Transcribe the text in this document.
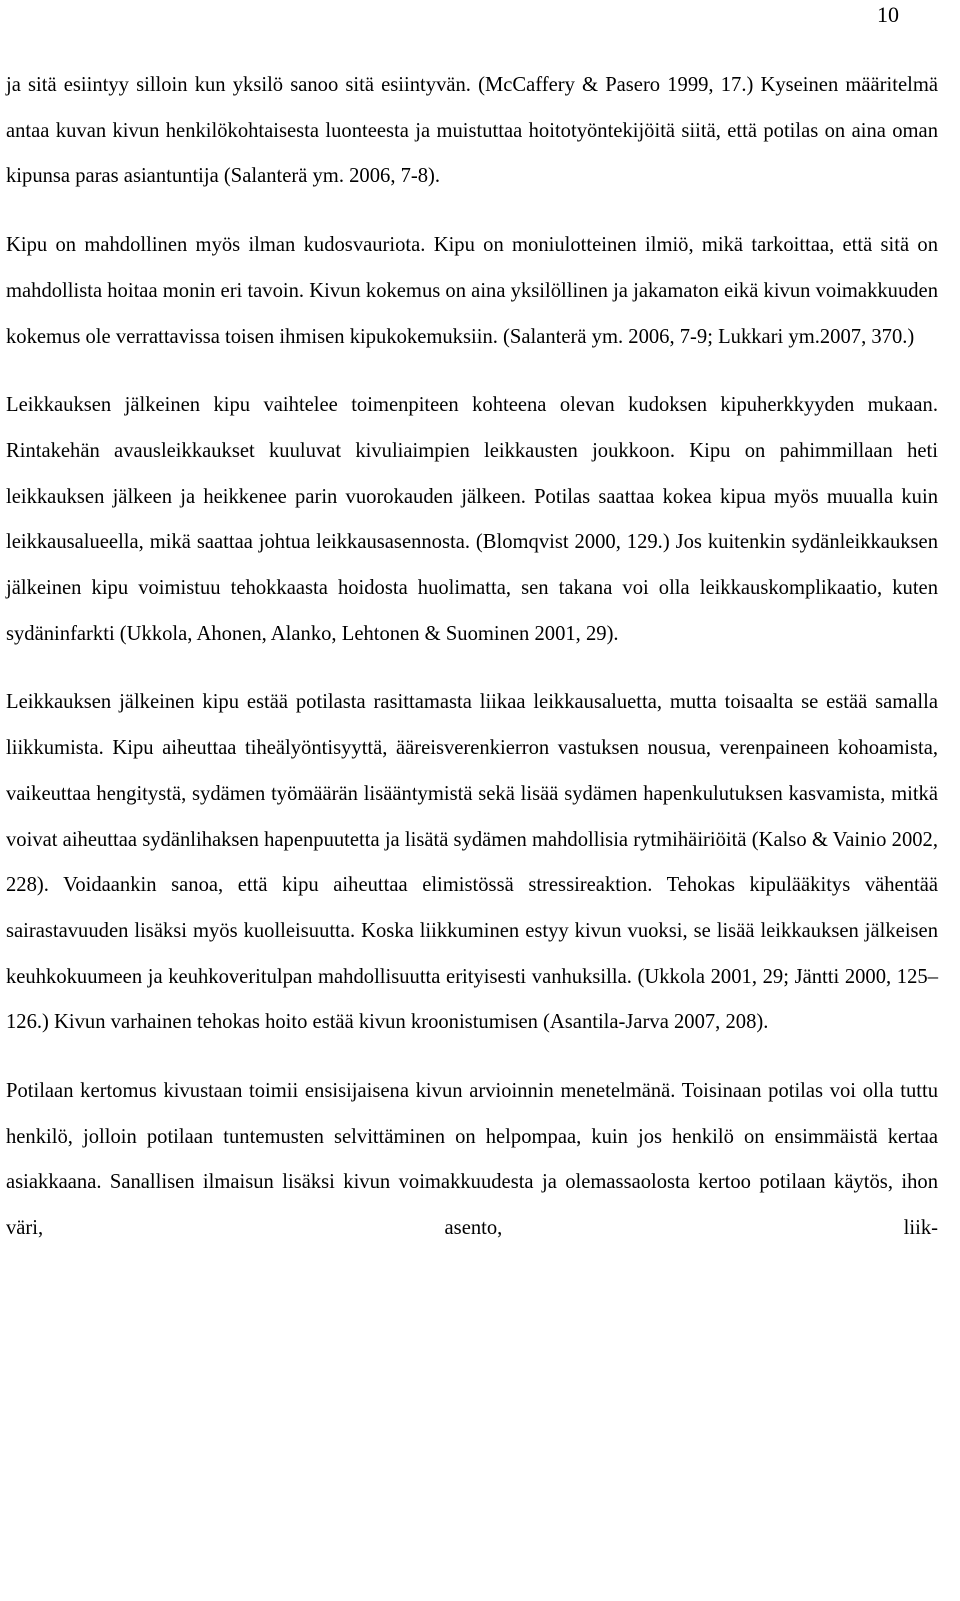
10

ja sitä esiintyy silloin kun yksilö sanoo sitä esiintyvän. (McCaffery & Pasero 1999, 17.) Kyseinen määritelmä antaa kuvan kivun henkilökohtaisesta luonteesta ja muistuttaa hoitotyöntekijöitä siitä, että potilas on aina oman kipunsa paras asiantuntija (Salanterä ym. 2006, 7-8).

Kipu on mahdollinen myös ilman kudosvauriota. Kipu on moniulotteinen ilmiö, mikä tarkoittaa, että sitä on mahdollista hoitaa monin eri tavoin. Kivun kokemus on aina yksilöllinen ja jakamaton eikä kivun voimakkuuden kokemus ole verrattavissa toisen ihmisen kipukokemuksiin. (Salanterä ym. 2006, 7-9; Lukkari ym.2007, 370.)

Leikkauksen jälkeinen kipu vaihtelee toimenpiteen kohteena olevan kudoksen kipuherkkyyden mukaan. Rintakehän avausleikkaukset kuuluvat kivuliaimpien leikkausten joukkoon. Kipu on pahimmillaan heti leikkauksen jälkeen ja heikkenee parin vuorokauden jälkeen. Potilas saattaa kokea kipua myös muualla kuin leikkausalueella, mikä saattaa johtua leikkausasennosta. (Blomqvist 2000, 129.) Jos kuitenkin sydänleikkauksen jälkeinen kipu voimistuu tehokkaasta hoidosta huolimatta, sen takana voi olla leikkauskomplikaatio, kuten sydäninfarkti (Ukkola, Ahonen, Alanko, Lehtonen & Suominen 2001, 29).

Leikkauksen jälkeinen kipu estää potilasta rasittamasta liikaa leikkausaluetta, mutta toisaalta se estää samalla liikkumista. Kipu aiheuttaa tiheälyöntisyyttä, ääreisverenkierron vastuksen nousua, verenpaineen kohoamista, vaikeuttaa hengitystä, sydämen työmäärän lisääntymistä sekä lisää sydämen hapenkulutuksen kasvamista, mitkä voivat aiheuttaa sydänlihaksen hapenpuutetta ja lisätä sydämen mahdollisia rytmihäiriöitä (Kalso & Vainio 2002, 228). Voidaankin sanoa, että kipu aiheuttaa elimistössä stressireaktion. Tehokas kipulääkitys vähentää sairastavuuden lisäksi myös kuolleisuutta. Koska liikkuminen estyy kivun vuoksi, se lisää leikkauksen jälkeisen keuhkokuumeen ja keuhkoveritulpan mahdollisuutta erityisesti vanhuksilla. (Ukkola 2001, 29; Jäntti 2000, 125–126.) Kivun varhainen tehokas hoito estää kivun kroonistumisen (Asantila-Jarva 2007, 208).

Potilaan kertomus kivustaan toimii ensisijaisena kivun arvioinnin menetelmänä. Toisinaan potilas voi olla tuttu henkilö, jolloin potilaan tuntemusten selvittäminen on helpompaa, kuin jos henkilö on ensimmäistä kertaa asiakkaana. Sanallisen ilmaisun lisäksi kivun voimakkuudesta ja olemassaolosta kertoo potilaan käytös, ihon väri, asento, liik-
